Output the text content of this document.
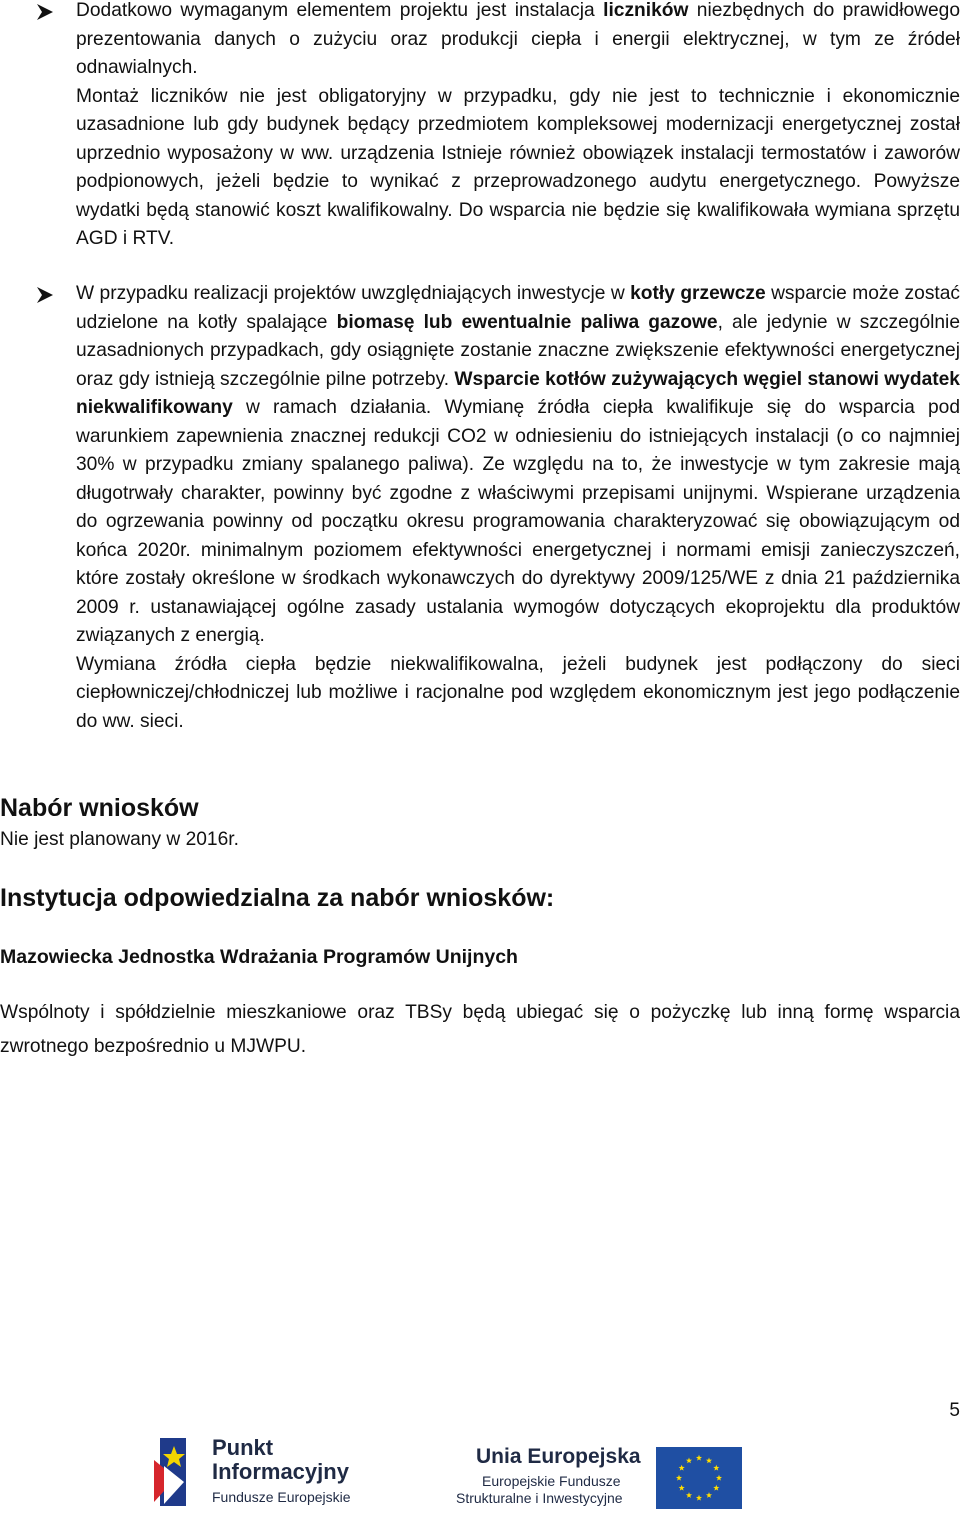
Dodatkowo wymaganym elementem projektu jest instalacja liczników niezbędnych do prawidłowego prezentowania danych o zużyciu oraz produkcji ciepła i energii elektrycznej, w tym ze źródeł odnawialnych.

Montaż liczników nie jest obligatoryjny w przypadku, gdy nie jest to technicznie i ekonomicznie uzasadnione lub gdy budynek będący przedmiotem kompleksowej modernizacji energetycznej został uprzednio wyposażony w ww. urządzenia Istnieje również obowiązek instalacji termostatów i zaworów podpionowych, jeżeli będzie to wynikać z przeprowadzonego audytu energetycznego. Powyższe wydatki będą stanowić koszt kwalifikowalny. Do wsparcia nie będzie się kwalifikowała wymiana sprzętu AGD i RTV.

W przypadku realizacji projektów uwzględniających inwestycje w kotły grzewcze wsparcie może zostać udzielone na kotły spalające biomasę lub ewentualnie paliwa gazowe, ale jedynie w szczególnie uzasadnionych przypadkach, gdy osiągnięte zostanie znaczne zwiększenie efektywności energetycznej oraz gdy istnieją szczególnie pilne potrzeby. Wsparcie kotłów zużywających węgiel stanowi wydatek niekwalifikowany w ramach działania. Wymianę źródła ciepła kwalifikuje się do wsparcia pod warunkiem zapewnienia znacznej redukcji CO2 w odniesieniu do istniejących instalacji (o co najmniej 30% w przypadku zmiany spalanego paliwa). Ze względu na to, że inwestycje w tym zakresie mają długotrwały charakter, powinny być zgodne z właściwymi przepisami unijnymi. Wspierane urządzenia do ogrzewania powinny od początku okresu programowania charakteryzować się obowiązującym od końca 2020r. minimalnym poziomem efektywności energetycznej i normami emisji zanieczyszczeń, które zostały określone w środkach wykonawczych do dyrektywy 2009/125/WE z dnia 21 października 2009 r. ustanawiającej ogólne zasady ustalania wymogów dotyczących ekoprojektu dla produktów związanych z energią.

Wymiana źródła ciepła będzie niekwalifikowalna, jeżeli budynek jest podłączony do sieci ciepłowniczej/chłodniczej lub możliwe i racjonalne pod względem ekonomicznym jest jego podłączenie do ww. sieci.

Nabór wniosków
Nie jest planowany w 2016r.
Instytucja odpowiedzialna za nabór wniosków:
Mazowiecka Jednostka Wdrażania Programów Unijnych

Wspólnoty i spółdzielnie mieszkaniowe oraz TBSy będą ubiegać się o pożyczkę lub inną formę wsparcia zwrotnego bezpośrednio u MJWPU.

5
Punkt
Informacyjny
Fundusze Europejskie
Unia Europejska
Europejskie Fundusze
Strukturalne i Inwestycyjne
